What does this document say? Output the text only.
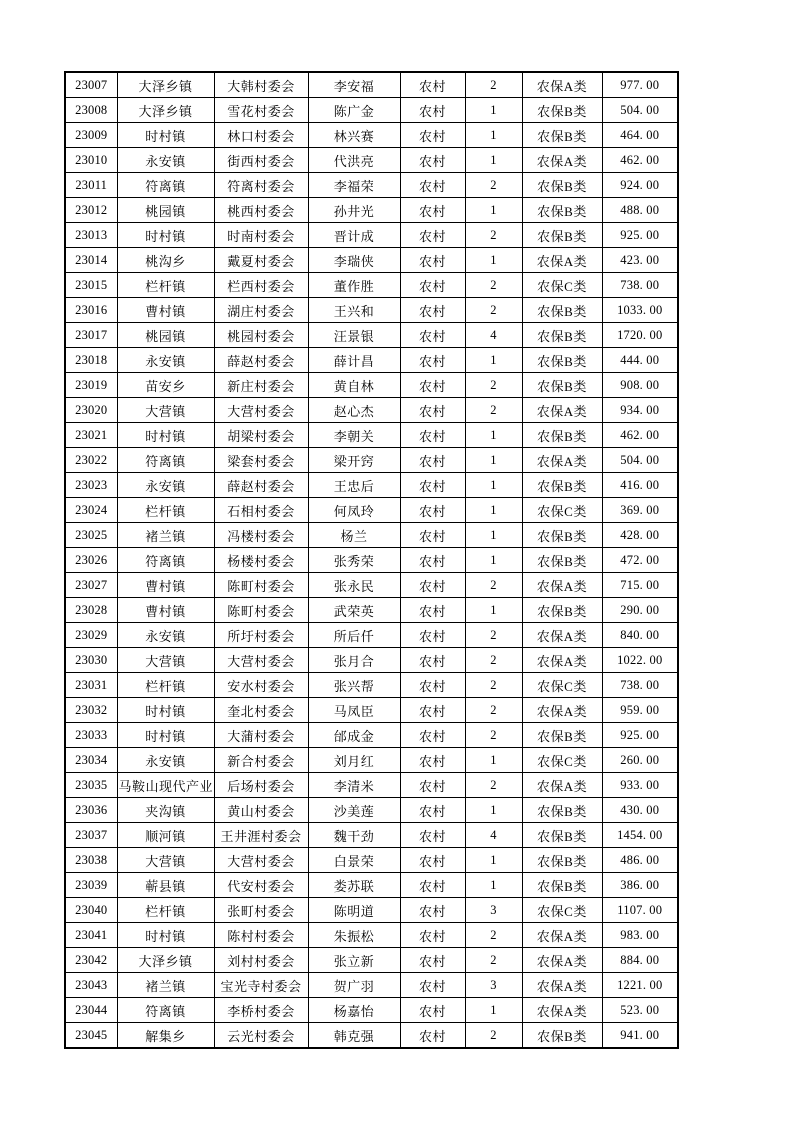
23007	大泽乡镇	大韩村委会	李安福	农村	2	农保A类	977. 00
23008	大泽乡镇	雪花村委会	陈广金	农村	1	农保B类	504. 00
23009	时村镇	林口村委会	林兴赛	农村	1	农保B类	464. 00
23010	永安镇	街西村委会	代洪亮	农村	1	农保A类	462. 00
23011	符离镇	符离村委会	李福荣	农村	2	农保B类	924. 00
23012	桃园镇	桃西村委会	孙井光	农村	1	农保B类	488. 00
23013	时村镇	时南村委会	晋计成	农村	2	农保B类	925. 00
23014	桃沟乡	戴夏村委会	李瑞侠	农村	1	农保A类	423. 00
23015	栏杆镇	栏西村委会	董作胜	农村	2	农保C类	738. 00
23016	曹村镇	湖庄村委会	王兴和	农村	2	农保B类	1033. 00
23017	桃园镇	桃园村委会	汪景银	农村	4	农保B类	1720. 00
23018	永安镇	薛赵村委会	薛计昌	农村	1	农保B类	444. 00
23019	苗安乡	新庄村委会	黄自林	农村	2	农保B类	908. 00
23020	大营镇	大营村委会	赵心杰	农村	2	农保A类	934. 00
23021	时村镇	胡梁村委会	李朝关	农村	1	农保B类	462. 00
23022	符离镇	梁套村委会	梁开窍	农村	1	农保A类	504. 00
23023	永安镇	薛赵村委会	王忠后	农村	1	农保B类	416. 00
23024	栏杆镇	石相村委会	何凤玲	农村	1	农保C类	369. 00
23025	褚兰镇	冯楼村委会	杨兰	农村	1	农保B类	428. 00
23026	符离镇	杨楼村委会	张秀荣	农村	1	农保B类	472. 00
23027	曹村镇	陈町村委会	张永民	农村	2	农保A类	715. 00
23028	曹村镇	陈町村委会	武荣英	农村	1	农保B类	290. 00
23029	永安镇	所圩村委会	所后仟	农村	2	农保A类	840. 00
23030	大营镇	大营村委会	张月合	农村	2	农保A类	1022. 00
23031	栏杆镇	安水村委会	张兴帮	农村	2	农保C类	738. 00
23032	时村镇	奎北村委会	马凤臣	农村	2	农保A类	959. 00
23033	时村镇	大蒲村委会	邰成金	农村	2	农保B类	925. 00
23034	永安镇	新合村委会	刘月红	农村	1	农保C类	260. 00
23035	马鞍山现代产业	后场村委会	李清米	农村	2	农保A类	933. 00
23036	夹沟镇	黄山村委会	沙美莲	农村	1	农保B类	430. 00
23037	顺河镇	王井涯村委会	魏干劲	农村	4	农保B类	1454. 00
23038	大营镇	大营村委会	白景荣	农村	1	农保B类	486. 00
23039	蕲县镇	代安村委会	娄苏联	农村	1	农保B类	386. 00
23040	栏杆镇	张町村委会	陈明道	农村	3	农保C类	1107. 00
23041	时村镇	陈村村委会	朱振松	农村	2	农保A类	983. 00
23042	大泽乡镇	刘村村委会	张立新	农村	2	农保A类	884. 00
23043	褚兰镇	宝光寺村委会	贺广羽	农村	3	农保A类	1221. 00
23044	符离镇	李桥村委会	杨嘉怡	农村	1	农保A类	523. 00
23045	解集乡	云光村委会	韩克强	农村	2	农保B类	941. 00
